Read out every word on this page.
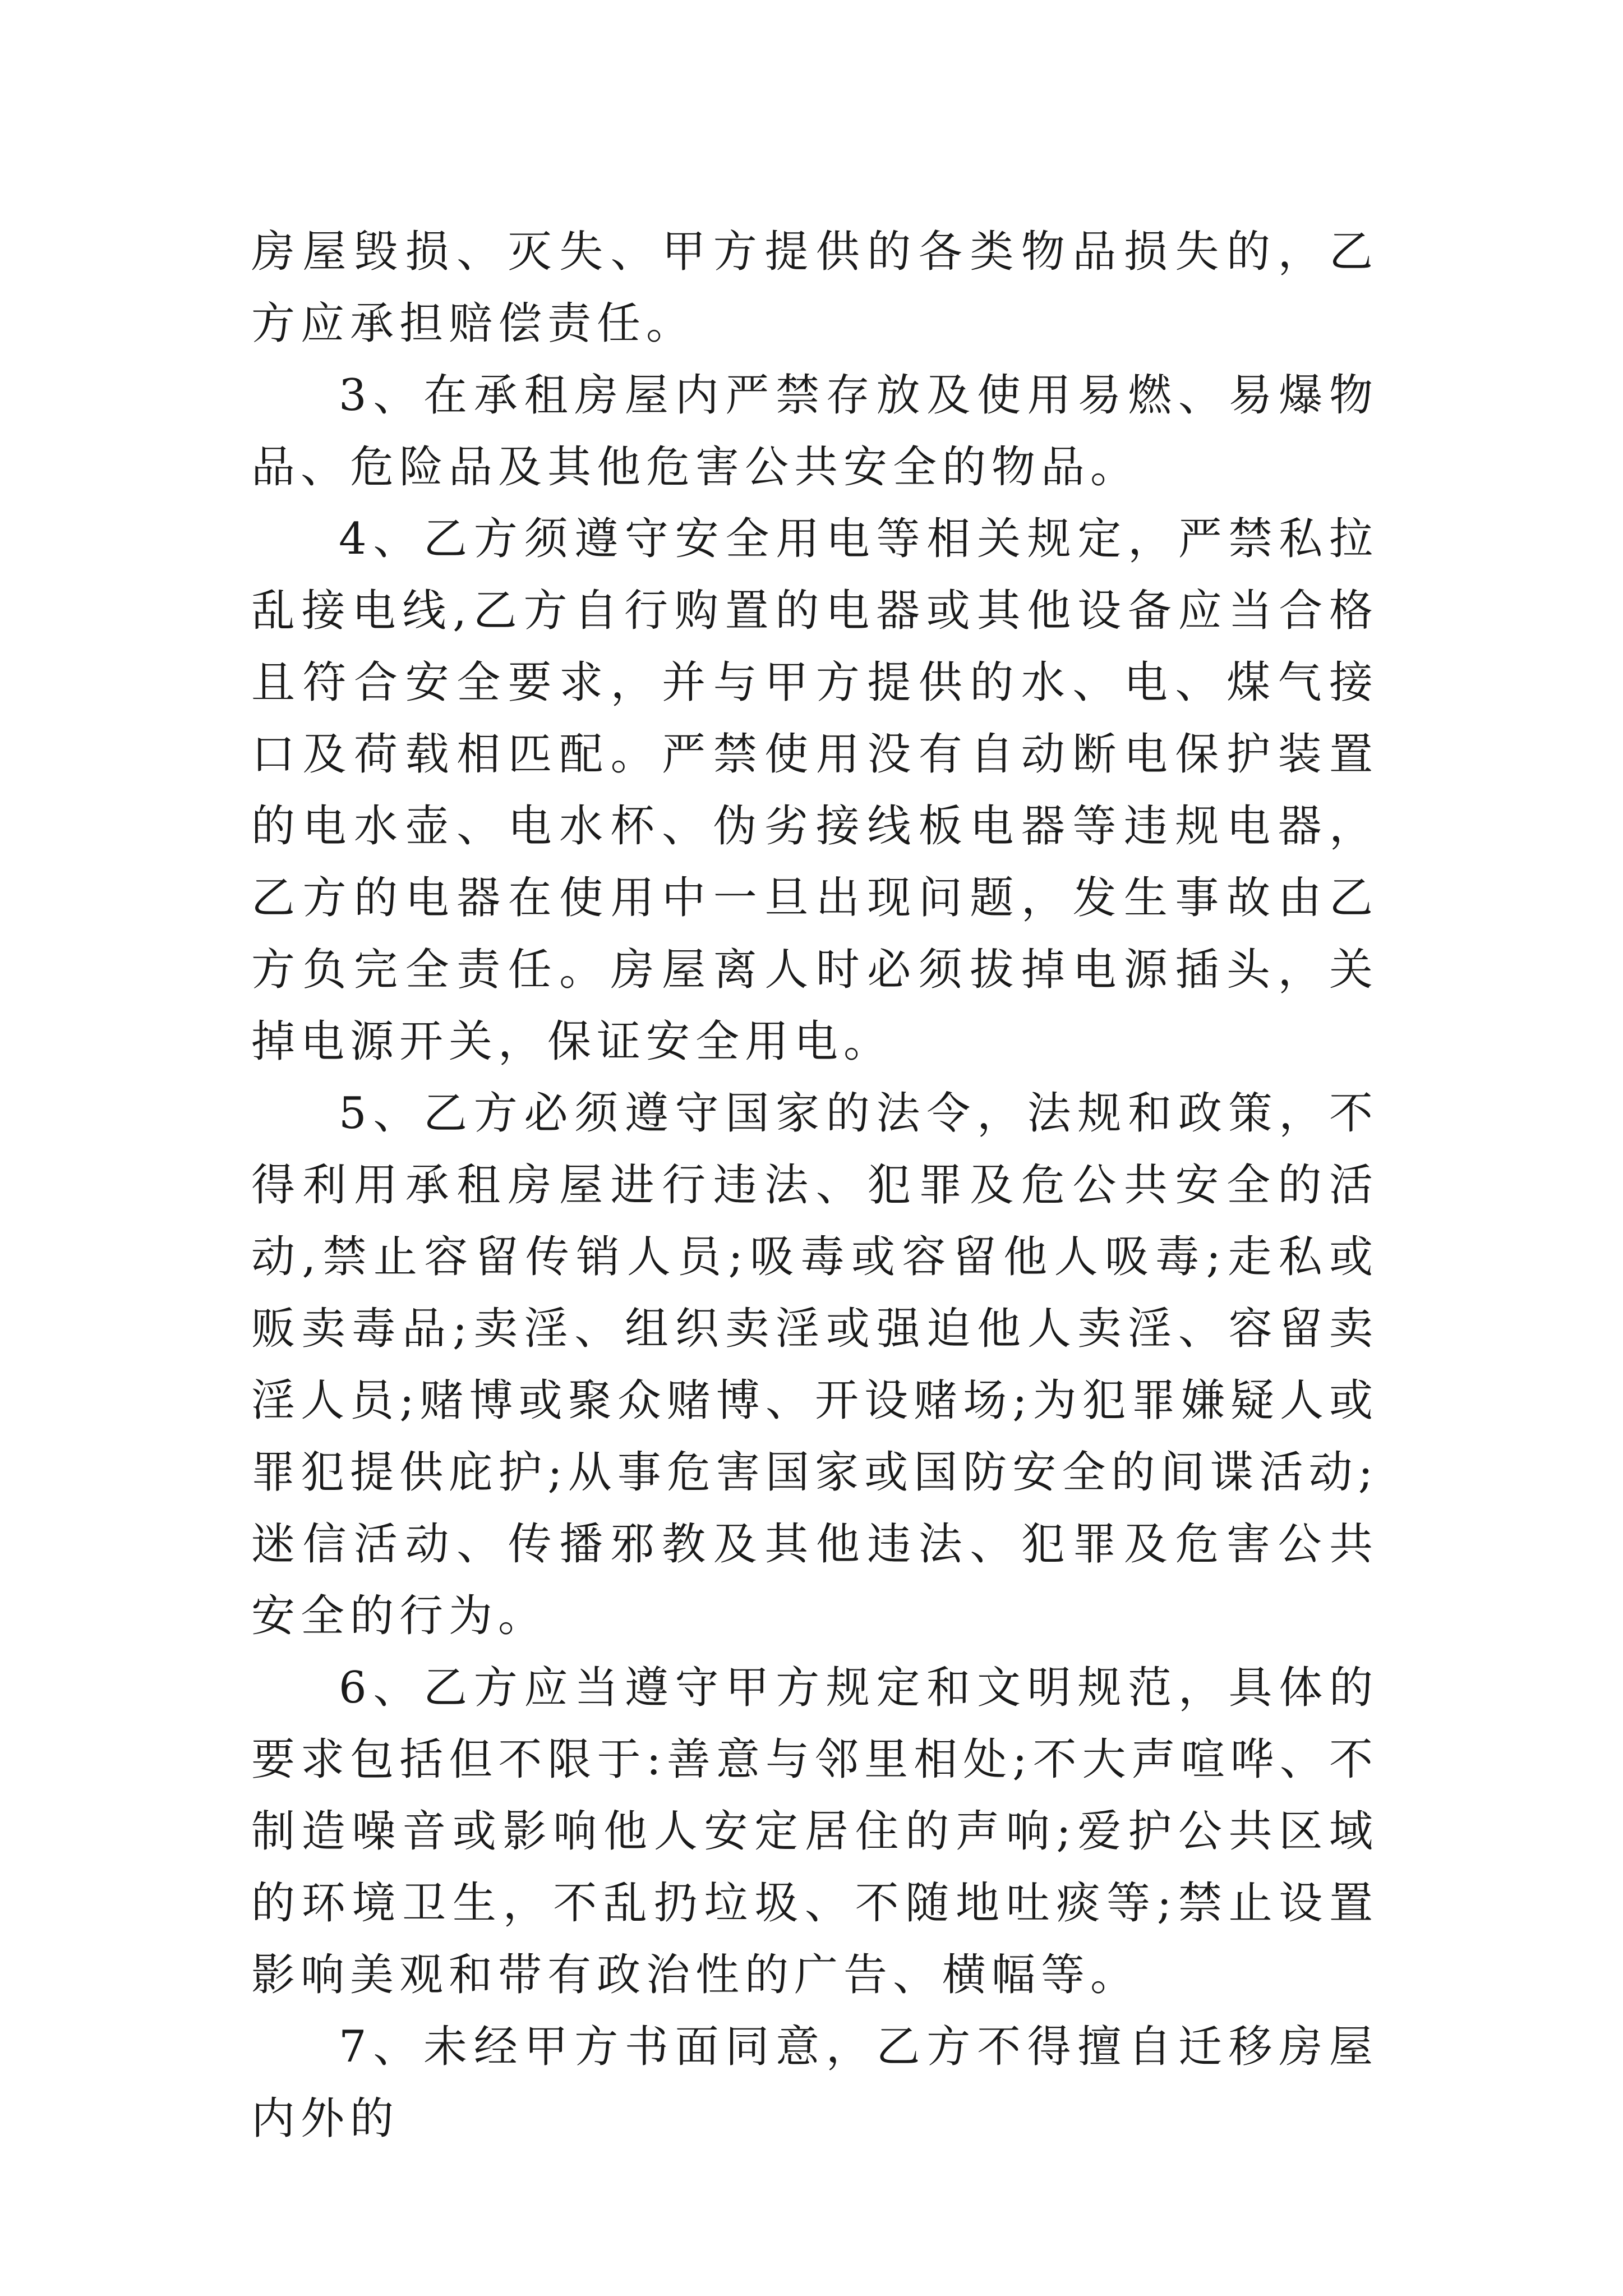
房屋毁损、灭失、甲方提供的各类物品损失的，乙方应承担赔偿责任。

3、在承租房屋内严禁存放及使用易燃、易爆物品、危险品及其他危害公共安全的物品。

4、乙方须遵守安全用电等相关规定，严禁私拉乱接电线,乙方自行购置的电器或其他设备应当合格且符合安全要求，并与甲方提供的水、电、煤气接口及荷载相匹配。严禁使用没有自动断电保护装置的电水壶、电水杯、伪劣接线板电器等违规电器，乙方的电器在使用中一旦出现问题，发生事故由乙方负完全责任。房屋离人时必须拔掉电源插头，关掉电源开关，保证安全用电。

5、乙方必须遵守国家的法令，法规和政策，不得利用承租房屋进行违法、犯罪及危公共安全的活动,禁止容留传销人员;吸毒或容留他人吸毒;走私或贩卖毒品;卖淫、组织卖淫或强迫他人卖淫、容留卖淫人员;赌博或聚众赌博、开设赌场;为犯罪嫌疑人或罪犯提供庇护;从事危害国家或国防安全的间谍活动;迷信活动、传播邪教及其他违法、犯罪及危害公共安全的行为。

6、乙方应当遵守甲方规定和文明规范，具体的要求包括但不限于:善意与邻里相处;不大声喧哗、不制造噪音或影响他人安定居住的声响;爱护公共区域的环境卫生，不乱扔垃圾、不随地吐痰等;禁止设置影响美观和带有政治性的广告、横幅等。

7、未经甲方书面同意，乙方不得擅自迁移房屋内外的
